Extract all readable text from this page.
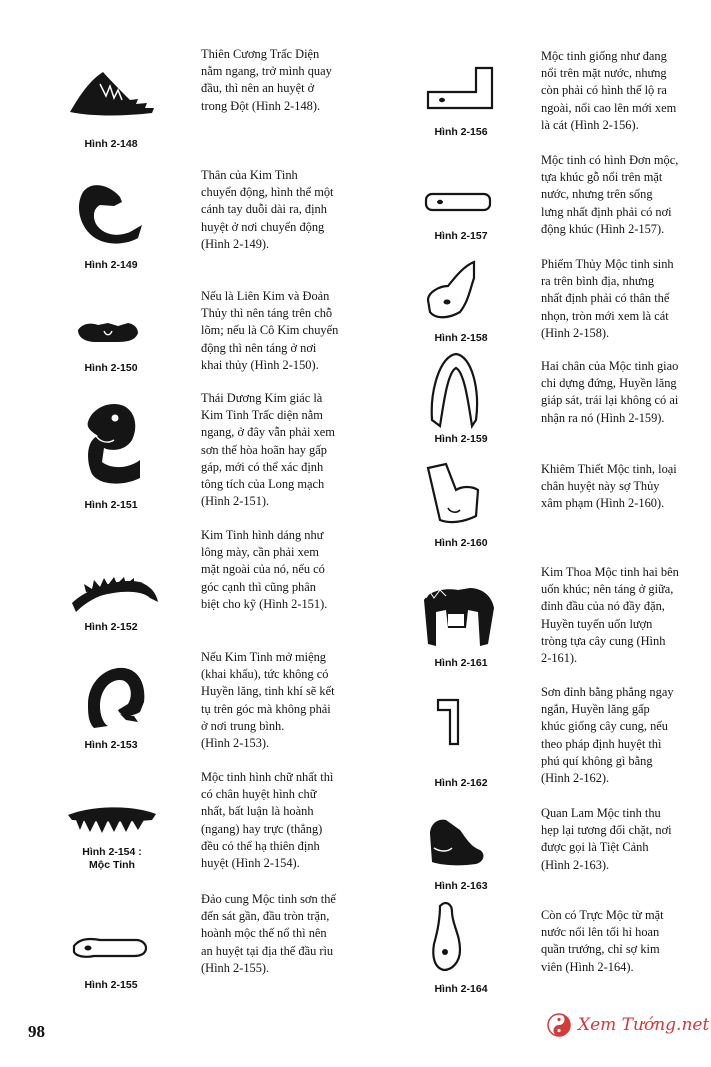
Hình 2-148
Hình 2-149
Hình 2-150
Hình 2-151
Hình 2-152
Hình 2-153
Hình 2-154 :
Mộc Tinh
Hình 2-155
Thiên Cương Trấc Diện
nằm ngang, trở mình quay
đầu, thì nên an huyệt ở
trong Đột (Hình 2-148).
Thân của Kim Tinh
chuyển động, hình thể một
cánh tay duỗi dài ra, định
huyệt ở nơi chuyển động
(Hình 2-149).
Nếu là Liên Kim và Đoản
Thủy thì nên táng trên chỗ
lõm; nếu là Cô Kim chuyển
động thì nên táng ở nơi
khai thủy (Hình 2-150).
Thái Dương Kim giác là
Kim Tinh Trấc diện nằm
ngang, ở đây vẫn phải xem
sơn thế hòa hoãn hay gấp
gáp, mới có thể xác định
tông tích của Long mạch
(Hình 2-151).
Kim Tinh hình dáng như
lông mày, cần phải xem
mặt ngoài của nó, nếu có
góc cạnh thì cũng phân
biệt cho kỹ (Hình 2-151).
Nếu Kim Tinh mở miệng
(khai khẩu), tức không có
Huyền lăng, tinh khí sẽ kết
tụ trên góc mà không phải
ở nơi trung bình.
(Hình 2-153).
Mộc tinh hình chữ nhất thì
có chân huyệt hình chữ
nhất, bất luận là hoành
(ngang) hay trực (thẳng)
đều có thể hạ thiên định
huyệt (Hình 2-154).
Đảo cung Mộc tinh sơn thế
đến sát gần, đầu tròn trặn,
hoành mộc thế nổ thì nên
an huyệt tại địa thế đầu rìu
(Hình 2-155).
Hình 2-156
Hình 2-157
Hình 2-158
Hình 2-159
Hình 2-160
Hình 2-161
Hình 2-162
Hình 2-163
Hình 2-164
Mộc tinh giống như đang
nổi trên mặt nước, nhưng
còn phải có hình thế lộ ra
ngoài, nổi cao lên mới xem
là cát (Hình 2-156).
Mộc tinh có hình Đơn mộc,
tựa khúc gỗ nổi trên mặt
nước, nhưng trên sống
lưng nhất định phải có nơi
động khúc (Hình 2-157).
Phiếm Thủy Mộc tinh sinh
ra trên bình địa, nhưng
nhất định phải có thân thể
nhọn, tròn mới xem là cát
(Hình 2-158).
Hai chân của Mộc tinh giao
chi dựng đứng, Huyền lăng
giáp sát, trái lại không có ai
nhận ra nó (Hình 2-159).
Khiêm Thiết Mộc tinh, loại
chân huyệt này sợ Thủy
xâm phạm (Hình 2-160).
Kim Thoa Mộc tinh hai bên
uốn khúc; nên táng ở giữa,
đỉnh đầu của nó đầy đặn,
Huyền tuyến uốn lượn
tròng tựa cây cung (Hình
2-161).
Sơn đỉnh bằng phẳng ngay
ngắn, Huyền lăng gấp
khúc giống cây cung, nếu
theo pháp định huyệt thì
phú quí không gì bằng
(Hình 2-162).
Quan Lam Mộc tinh thu
hẹp lại tương đối chặt, nơi
được gọi là Tiệt Cảnh
(Hình 2-163).
Còn có Trực Mộc từ mặt
nước nổi lên tối hỉ hoan
quần trướng, chỉ sợ kim
viên (Hình 2-164).
98	Xem Tướng.net
